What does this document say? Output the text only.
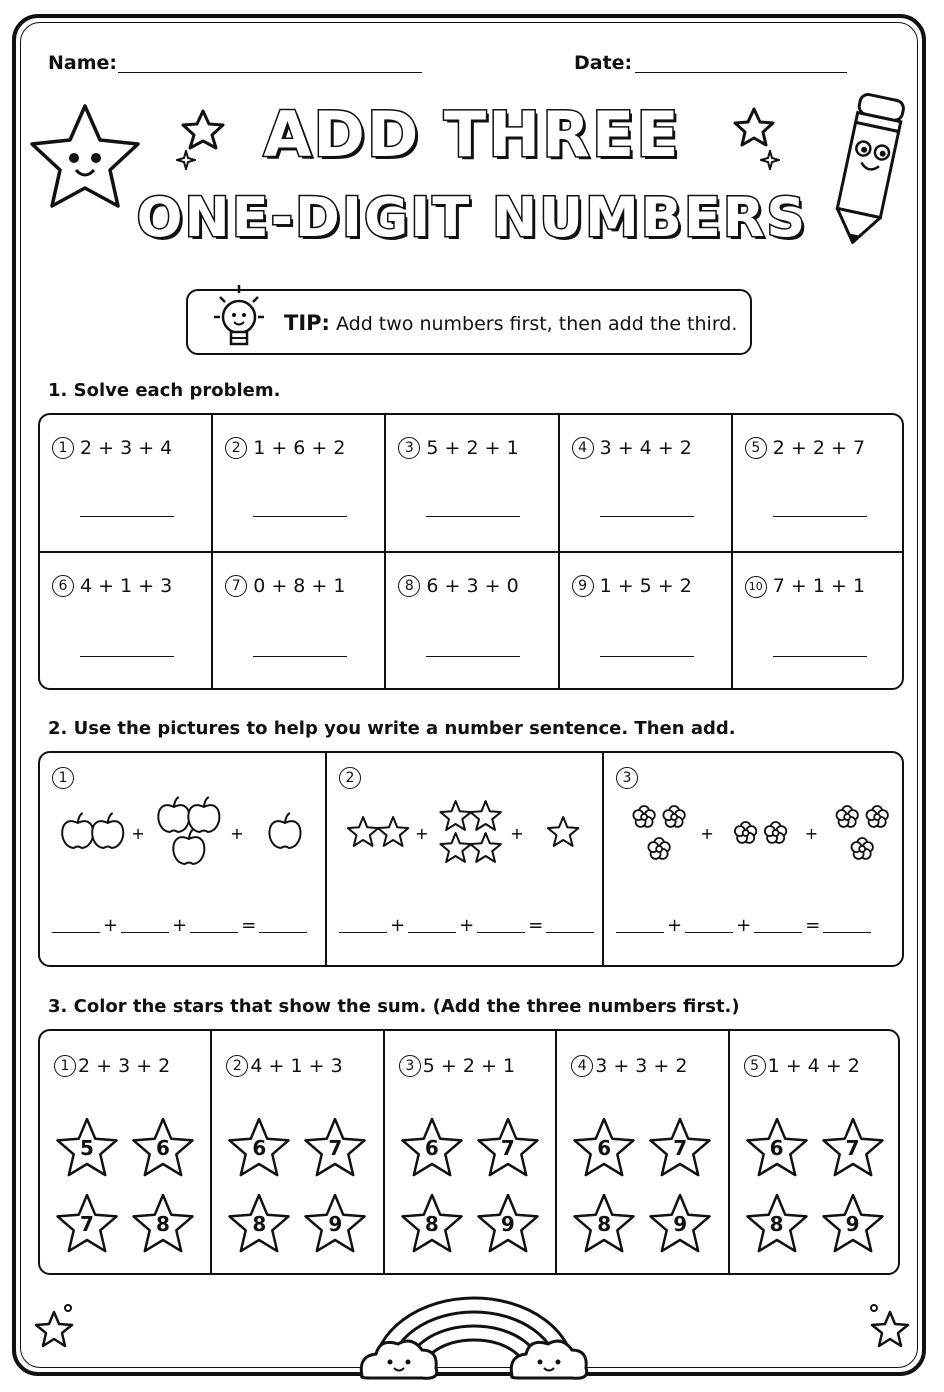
Name:	Date:
ADD THREE
ONE-DIGIT NUMBERS
TIP: Add two numbers first, then add the third.
1. Solve each problem.
1 2 + 3 + 4	2 1 + 6 + 2	3 5 + 2 + 1	4 3 + 4 + 2	5 2 + 2 + 7
6 4 + 1 + 3	7 0 + 8 + 1	8 6 + 3 + 0	9 1 + 5 + 2	10 7 + 1 + 1
2. Use the pictures to help you write a number sentence. Then add.
1
+	+
+	+	=
2
+	+
+	+	=
3
+	+
+	+	=
3. Color the stars that show the sum. (Add the three numbers first.)
1 2 + 3 + 2
5	6
7	8
2 4 + 1 + 3
6	7
8	9
3 5 + 2 + 1
6	7
8	9
4 3 + 3 + 2
6	7
8	9
5 1 + 4 + 2
6	7
8	9
